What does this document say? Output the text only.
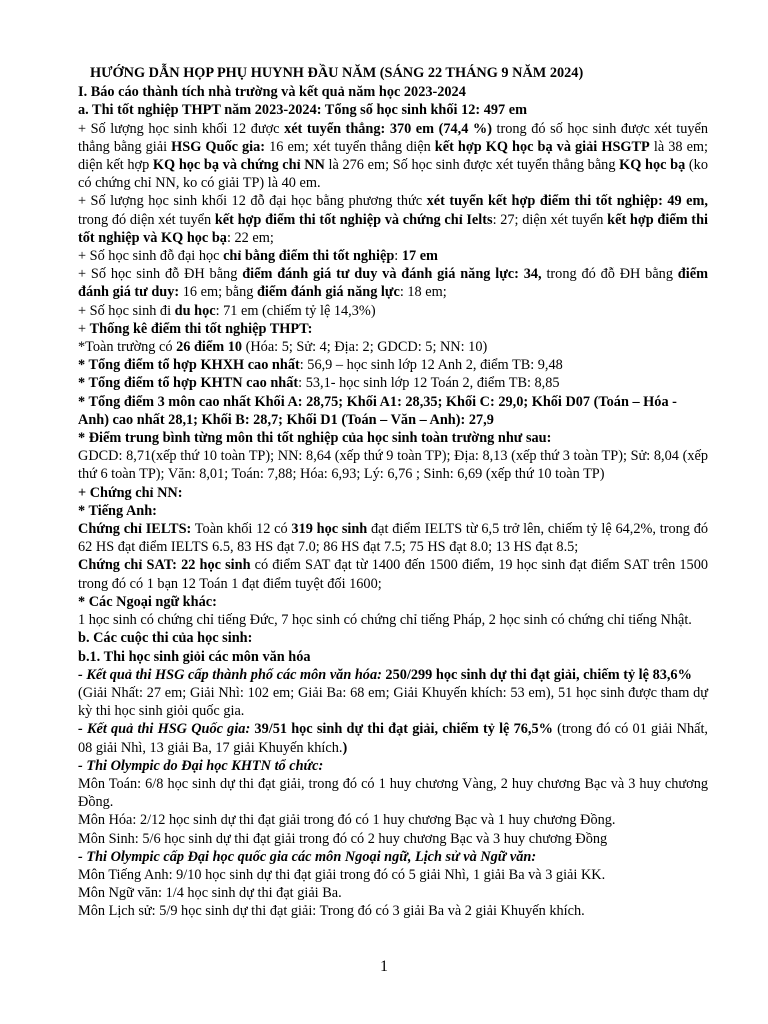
HƯỚNG DẪN HỌP PHỤ HUYNH ĐẦU NĂM (SÁNG 22 THÁNG 9 NĂM 2024)

I. Báo cáo thành tích nhà trường và kết quả năm học 2023-2024

a. Thi tốt nghiệp THPT năm 2023-2024: Tổng số học sinh khối 12: 497 em

+ Số lượng học sinh khối 12 được xét tuyển thẳng: 370 em (74,4 %) trong đó số học sinh được xét tuyển thẳng bằng giải HSG Quốc gia: 16 em; xét tuyển thẳng diện kết hợp KQ học bạ và giải HSGTP là 38 em; diện kết hợp KQ học bạ và chứng chỉ NN là 276 em; Số học sinh được xét tuyển thẳng bằng KQ học bạ (ko có chứng chỉ NN, ko có giải TP) là 40 em.

+ Số lượng học sinh khối 12 đỗ đại học bằng phương thức xét tuyển kết hợp điểm thi tốt nghiệp: 49 em, trong đó diện xét tuyển kết hợp điểm thi tốt nghiệp và chứng chỉ Ielts: 27; diện xét tuyển kết hợp điểm thi tốt nghiệp và KQ học bạ: 22 em;

+ Số học sinh đỗ đại học chỉ bằng điểm thi tốt nghiệp: 17 em

+ Số học sinh đỗ ĐH bằng điểm đánh giá tư duy và đánh giá năng lực: 34, trong đó đỗ ĐH bằng điểm đánh giá tư duy: 16 em; bằng điểm đánh giá năng lực: 18 em;

+ Số học sinh đi du học: 71 em (chiếm tỷ lệ 14,3%)

+ Thống kê điểm thi tốt nghiệp THPT:

*Toàn trường có 26 điểm 10 (Hóa: 5; Sử: 4; Địa: 2; GDCD: 5; NN: 10)

* Tổng điểm tổ hợp KHXH cao nhất: 56,9 – học sinh lớp 12 Anh 2, điểm TB: 9,48

* Tổng điểm tổ hợp KHTN cao nhất: 53,1- học sinh lớp 12 Toán 2, điểm TB: 8,85

* Tổng điểm 3 môn cao nhất Khối A: 28,75; Khối A1: 28,35; Khối C: 29,0; Khối D07 (Toán – Hóa - Anh) cao nhất 28,1; Khối B: 28,7; Khối D1 (Toán – Văn – Anh): 27,9

* Điểm trung bình từng môn thi tốt nghiệp của học sinh toàn trường như sau:

GDCD: 8,71(xếp thứ 10 toàn TP); NN: 8,64 (xếp thứ 9 toàn TP); Địa: 8,13 (xếp thứ 3 toàn TP); Sử: 8,04 (xếp thứ 6 toàn TP); Văn: 8,01; Toán: 7,88; Hóa: 6,93; Lý: 6,76 ; Sinh: 6,69 (xếp thứ 10 toàn TP)

+ Chứng chỉ NN:

* Tiếng Anh:

Chứng chỉ IELTS: Toàn khối 12 có 319 học sinh đạt điểm IELTS từ 6,5 trở lên, chiếm tỷ lệ 64,2%, trong đó 62 HS đạt điểm IELTS 6.5, 83 HS đạt 7.0; 86 HS đạt 7.5; 75 HS đạt 8.0; 13 HS đạt 8.5;

Chứng chỉ SAT: 22 học sinh có điểm SAT đạt từ 1400 đến 1500 điểm, 19 học sinh đạt điểm SAT trên 1500 trong đó có 1 bạn 12 Toán 1 đạt điểm tuyệt đối 1600;

* Các Ngoại ngữ khác:

1 học sinh có chứng chỉ tiếng Đức, 7 học sinh có chứng chỉ tiếng Pháp, 2 học sinh có chứng chỉ tiếng Nhật.

b. Các cuộc thi của học sinh:

b.1. Thi học sinh giỏi các môn văn hóa

- Kết quả thi HSG cấp thành phố các môn văn hóa: 250/299 học sinh dự thi đạt giải, chiếm tỷ lệ 83,6%

(Giải Nhất: 27 em; Giải Nhì: 102 em; Giải Ba: 68 em; Giải Khuyến khích: 53 em), 51 học sinh được tham dự kỳ thi học sinh giỏi quốc gia.

- Kết quả thi HSG Quốc gia: 39/51 học sinh dự thi đạt giải, chiếm tỷ lệ 76,5% (trong đó có 01 giải Nhất, 08 giải Nhì, 13 giải Ba, 17 giải Khuyến khích.)

- Thi Olympic do Đại học KHTN tổ chức:

Môn Toán: 6/8 học sinh dự thi đạt giải, trong đó có 1 huy chương Vàng, 2 huy chương Bạc và 3 huy chương Đồng.

Môn Hóa: 2/12 học sinh dự thi đạt giải trong đó có 1 huy chương Bạc và 1 huy chương Đồng.

Môn Sinh: 5/6 học sinh dự thi đạt giải trong đó có 2 huy chương Bạc và 3 huy chương Đồng

- Thi Olympic cấp Đại học quốc gia các môn Ngoại ngữ, Lịch sử và Ngữ văn:

Môn Tiếng Anh: 9/10 học sinh dự thi đạt giải trong đó có 5 giải Nhì, 1 giải Ba và 3 giải KK.

Môn Ngữ văn: 1/4 học sinh dự thi đạt giải Ba.

Môn Lịch sử: 5/9 học sinh dự thi đạt giải: Trong đó có 3 giải Ba và 2 giải Khuyến khích.

1
